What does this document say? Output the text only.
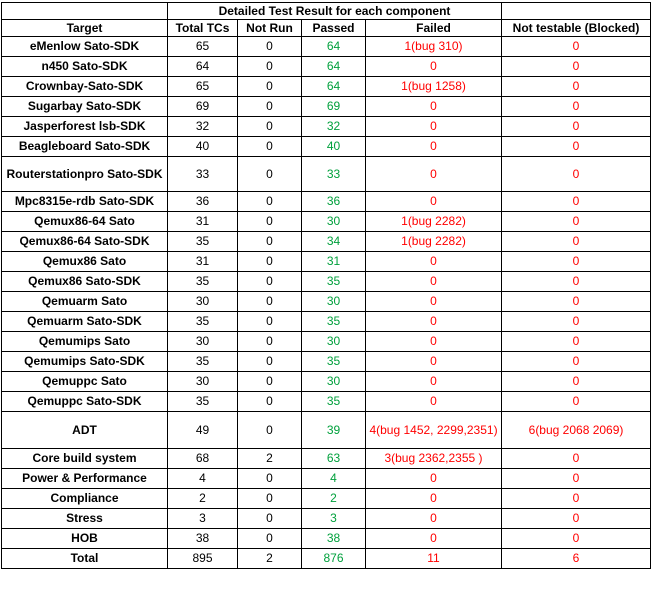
	Detailed Test Result for each component				
Target	Total TCs	Not Run	Passed	Failed	Not testable (Blocked)
eMenlow Sato-SDK	65	0	64	1(bug 310)	0
n450 Sato-SDK	64	0	64	0	0
Crownbay-Sato-SDK	65	0	64	1(bug 1258)	0
Sugarbay Sato-SDK	69	0	69	0	0
Jasperforest lsb-SDK	32	0	32	0	0
Beagleboard Sato-SDK	40	0	40	0	0
Routerstationpro Sato-SDK	33	0	33	0	0
Mpc8315e-rdb Sato-SDK	36	0	36	0	0
Qemux86-64 Sato	31	0	30	1(bug 2282)	0
Qemux86-64 Sato-SDK	35	0	34	1(bug 2282)	0
Qemux86 Sato	31	0	31	0	0
Qemux86 Sato-SDK	35	0	35	0	0
Qemuarm Sato	30	0	30	0	0
Qemuarm Sato-SDK	35	0	35	0	0
Qemumips Sato	30	0	30	0	0
Qemumips Sato-SDK	35	0	35	0	0
Qemuppc Sato	30	0	30	0	0
Qemuppc Sato-SDK	35	0	35	0	0
ADT	49	0	39	4(bug 1452, 2299,2351)	6(bug 2068 2069)
Core build system	68	2	63	3(bug 2362,2355 )	0
Power & Performance	4	0	4	0	0
Compliance	2	0	2	0	0
Stress	3	0	3	0	0
HOB	38	0	38	0	0
Total	895	2	876	11	6
